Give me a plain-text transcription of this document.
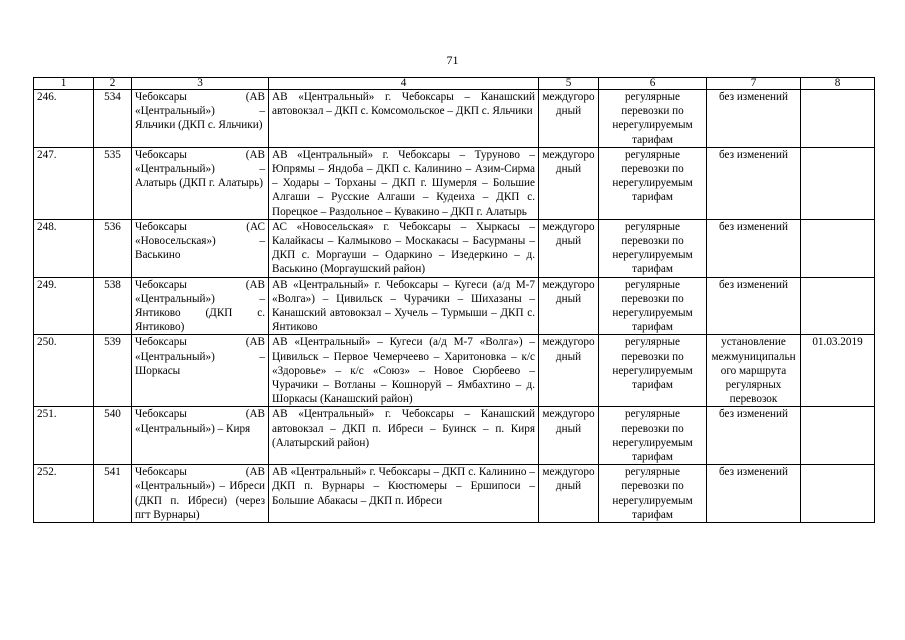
71
1	2	3	4	5	6	7	8
246.	534	Чебоксары (АВ «Центральный») – Яльчики (ДКП с. Яльчики)	АВ «Центральный» г. Чебоксары – Канашский автовокзал – ДКП с. Комсомольское – ДКП с. Яльчики	междугородный	регулярные перевозки по нерегулируемым тарифам	без изменений	
247.	535	Чебоксары (АВ «Центральный») – Алатырь (ДКП г. Алатырь)	АВ «Центральный» г. Чебоксары – Туруново – Юпрямы – Яндоба – ДКП с. Калинино – Азим-Сирма – Ходары – Торханы – ДКП г. Шумерля – Большие Алгаши – Русские Алгаши – Кудеиха – ДКП с. Порецкое – Раздольное – Кувакино – ДКП г. Алатырь	междугородный	регулярные перевозки по нерегулируемым тарифам	без изменений	
248.	536	Чебоксары (АС «Новосельская») – Васькино	АС «Новосельская» г. Чебоксары – Хыркасы – Калайкасы – Калмыково – Москакасы – Басурманы – ДКП с. Моргауши – Одаркино – Изедеркино – д. Васькино (Моргаушский район)	междугородный	регулярные перевозки по нерегулируемым тарифам	без изменений	
249.	538	Чебоксары (АВ «Центральный») – Янтиково (ДКП с. Янтиково)	АВ «Центральный» г. Чебоксары – Кугеси (а/д М-7 «Волга») – Цивильск – Чурачики – Шихазаны – Канашский автовокзал – Хучель – Турмыши – ДКП с. Янтиково	междугородный	регулярные перевозки по нерегулируемым тарифам	без изменений	
250.	539	Чебоксары (АВ «Центральный») – Шоркасы	АВ «Центральный» – Кугеси (а/д М-7 «Волга») – Цивильск – Первое Чемерчеево – Харитоновка – к/с «Здоровье» – к/с «Союз» – Новое Сюрбеево – Чурачики – Вотланы – Кошноруй – Ямбахтино – д. Шоркасы (Канашский район)	междугородный	регулярные перевозки по нерегулируемым тарифам	установление межмуниципального маршрута регулярных перевозок	01.03.2019
251.	540	Чебоксары (АВ «Центральный») – Киря	АВ «Центральный» г. Чебоксары – Канашский автовокзал – ДКП п. Ибреси – Буинск – п. Киря (Алатырский район)	междугородный	регулярные перевозки по нерегулируемым тарифам	без изменений	
252.	541	Чебоксары (АВ «Центральный») – Ибреси (ДКП п. Ибреси) (через пгт Вурнары)	АВ «Центральный» г. Чебоксары – ДКП с. Калинино – ДКП п. Вурнары – Кюстюмеры – Ершипоси – Большие Абакасы – ДКП п. Ибреси	междугородный	регулярные перевозки по нерегулируемым тарифам	без изменений	
